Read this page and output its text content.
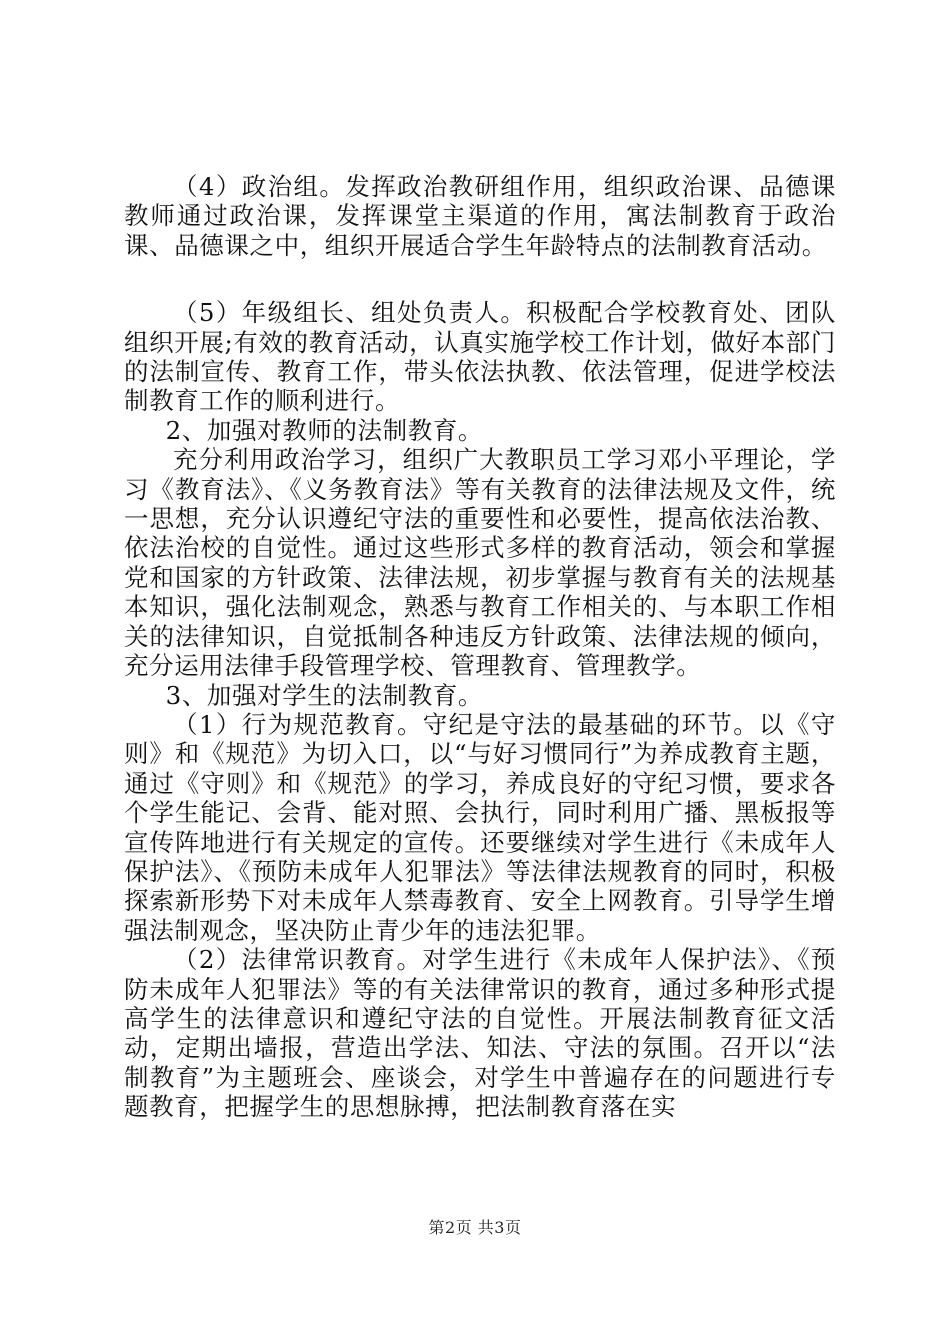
（4）政治组。发挥政治教研组作用，组织政治课、品德课教师通过政治课，发挥课堂主渠道的作用，寓法制教育于政治课、品德课之中，组织开展适合学生年龄特点的法制教育活动。

（5）年级组长、组处负责人。积极配合学校教育处、团队组织开展;有效的教育活动，认真实施学校工作计划，做好本部门的法制宣传、教育工作，带头依法执教、依法管理，促进学校法制教育工作的顺利进行。

2、加强对教师的法制教育。

充分利用政治学习，组织广大教职员工学习邓小平理论，学习《教育法》、《义务教育法》等有关教育的法律法规及文件，统一思想，充分认识遵纪守法的重要性和必要性，提高依法治教、依法治校的自觉性。通过这些形式多样的教育活动，领会和掌握党和国家的方针政策、法律法规，初步掌握与教育有关的法规基本知识，强化法制观念，熟悉与教育工作相关的、与本职工作相关的法律知识，自觉抵制各种违反方针政策、法律法规的倾向，充分运用法律手段管理学校、管理教育、管理教学。

3、加强对学生的法制教育。

（1）行为规范教育。守纪是守法的最基础的环节。以《守则》和《规范》为切入口，以“与好习惯同行”为养成教育主题，通过《守则》和《规范》的学习，养成良好的守纪习惯，要求各个学生能记、会背、能对照、会执行，同时利用广播、黑板报等宣传阵地进行有关规定的宣传。还要继续对学生进行《未成年人保护法》、《预防未成年人犯罪法》等法律法规教育的同时，积极探索新形势下对未成年人禁毒教育、安全上网教育。引导学生增强法制观念，坚决防止青少年的违法犯罪。

（2）法律常识教育。对学生进行《未成年人保护法》、《预防未成年人犯罪法》等的有关法律常识的教育，通过多种形式提高学生的法律意识和遵纪守法的自觉性。开展法制教育征文活动，定期出墙报，营造出学法、知法、守法的氛围。召开以“法制教育”为主题班会、座谈会，对学生中普遍存在的问题进行专题教育，把握学生的思想脉搏，把法制教育落在实

第2页 共3页
